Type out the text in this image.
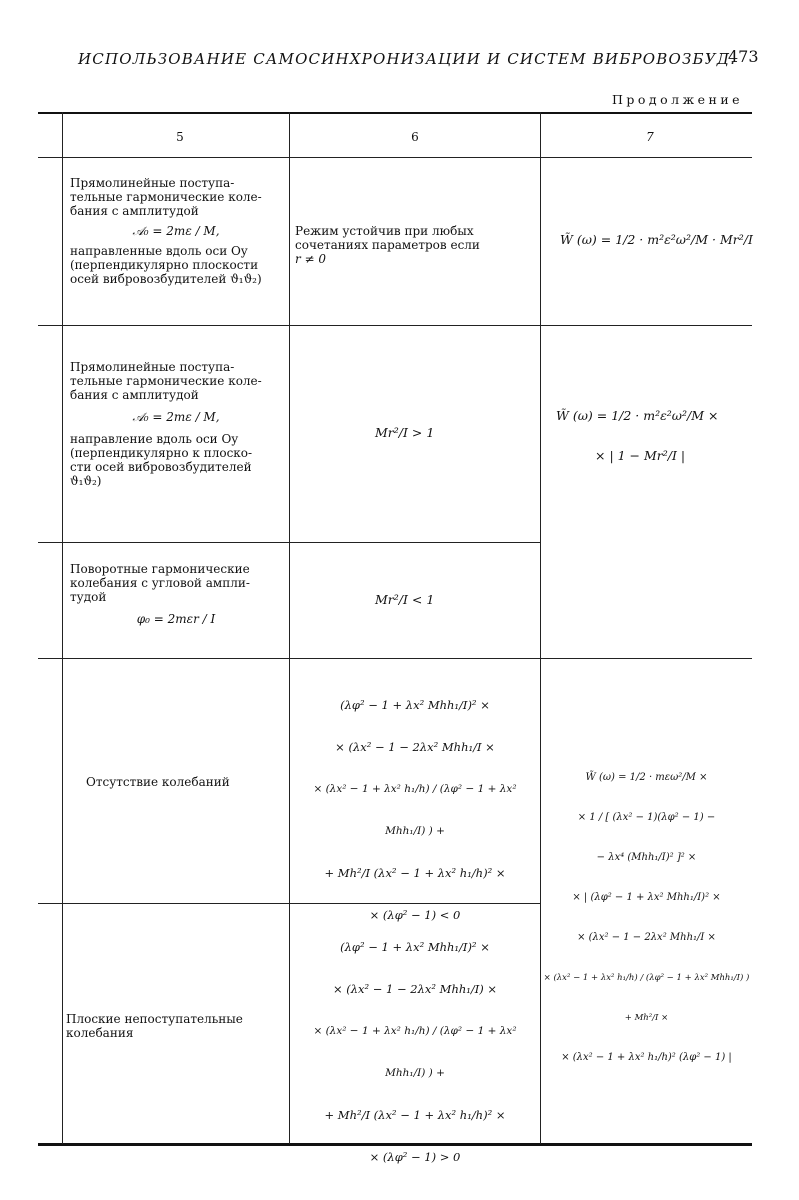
ИСПОЛЬЗОВАНИЕ САМОСИНХРОНИЗАЦИИ И СИСТЕМ ВИБРОВОЗБУД.
473
Продолжение
5	6	7
Прямолинейные поступа-
тельные гармонические коле-
бания с амплитудой
𝒜₀ = 2mε / M,
направленные вдоль оси Oy
(перпендикулярно плоскости
осей вибровозбудителей ϑ₁ϑ₂)
Режим устойчив при любых
сочетаниях параметров если
r ≠ 0
W̃ (ω) = 1/2 · m²ε²ω²/M · Mr²/I
Прямолинейные поступа-
тельные гармонические коле-
бания с амплитудой
𝒜₀ = 2mε / M,
направление вдоль оси Oy
(перпендикулярно к плоско-
сти осей вибровозбудителей
ϑ₁ϑ₂)
Mr²/I > 1
W̃ (ω) = 1/2 · m²ε²ω²/M ×
× | 1 − Mr²/I |
Поворотные гармонические
колебания с угловой ампли-
тудой
φ₀ = 2mεr / I
Mr²/I < 1
Отсутствие колебаний
(λφ² − 1 + λx² Mhh₁/I)² ×
× (λx² − 1 − 2λx² Mhh₁/I ×
× (λx² − 1 + λx² h₁/h) / (λφ² − 1 + λx² Mhh₁/I) ) +
+ Mh²/I (λx² − 1 + λx² h₁/h)² ×
× (λφ² − 1) < 0
Плоские непоступательные
колебания
(λφ² − 1 + λx² Mhh₁/I)² ×
× (λx² − 1 − 2λx² Mhh₁/I) ×
× (λx² − 1 + λx² h₁/h) / (λφ² − 1 + λx² Mhh₁/I) ) +
+ Mh²/I (λx² − 1 + λx² h₁/h)² ×
× (λφ² − 1) > 0
W̃ (ω) = 1/2 · mεω²/M ×
× 1 / [ (λx² − 1)(λφ² − 1) −
− λx⁴ (Mhh₁/I)² ]² ×
× | (λφ² − 1 + λx² Mhh₁/I)² ×
× (λx² − 1 − 2λx² Mhh₁/I ×
× (λx² − 1 + λx² h₁/h) / (λφ² − 1 + λx² Mhh₁/I) ) + Mh²/I ×
× (λx² − 1 + λx² h₁/h)² (λφ² − 1) |
